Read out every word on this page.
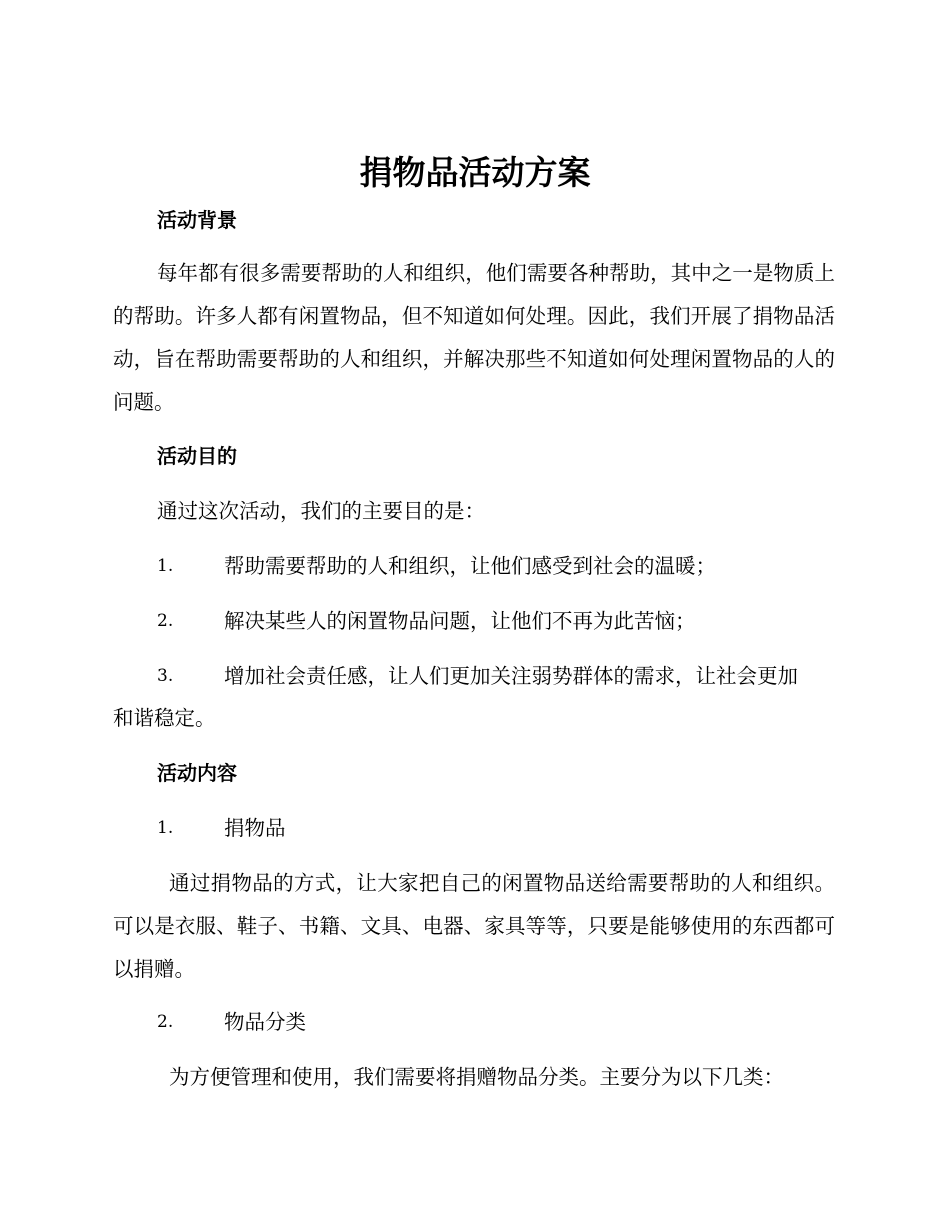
捐物品活动方案
活动背景
每年都有很多需要帮助的人和组织，他们需要各种帮助，其中之一是物质上的帮助。许多人都有闲置物品，但不知道如何处理。因此，我们开展了捐物品活动，旨在帮助需要帮助的人和组织，并解决那些不知道如何处理闲置物品的人的问题。
活动目的
通过这次活动，我们的主要目的是：
1. 帮助需要帮助的人和组织，让他们感受到社会的温暖；
2. 解决某些人的闲置物品问题，让他们不再为此苦恼；
3. 增加社会责任感，让人们更加关注弱势群体的需求，让社会更加
和谐稳定。
活动内容
1. 捐物品
通过捐物品的方式，让大家把自己的闲置物品送给需要帮助的人和组织。可以是衣服、鞋子、书籍、文具、电器、家具等等，只要是能够使用的东西都可以捐赠。
2. 物品分类
为方便管理和使用，我们需要将捐赠物品分类。主要分为以下几类：
